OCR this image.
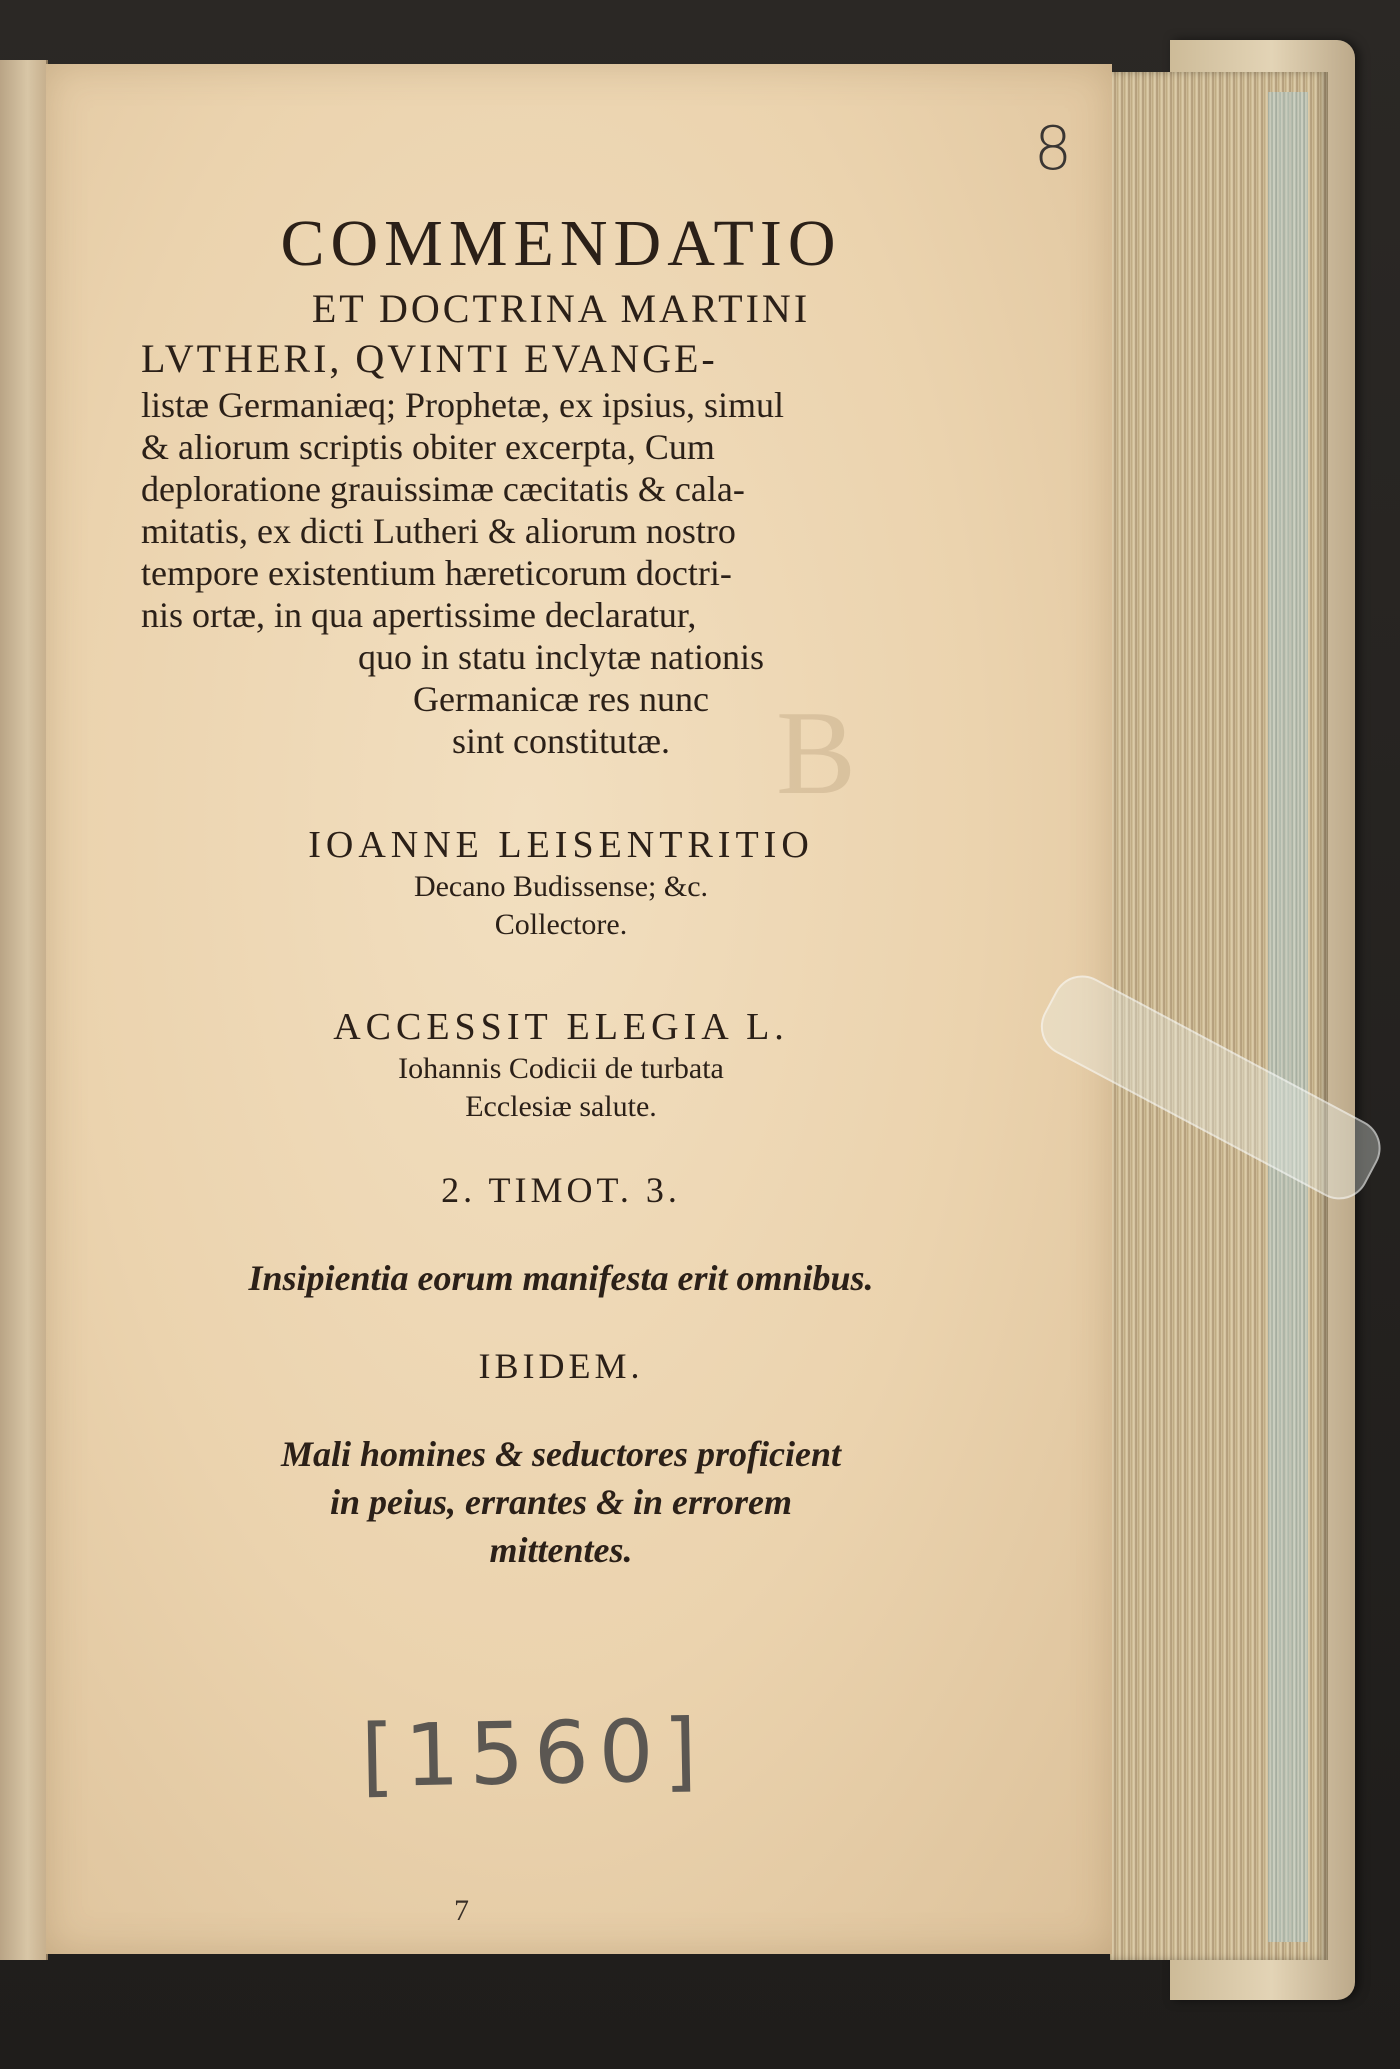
8
B
COMMENDATIO

ET DOCTRINA MARTINI

LVTHERI, QVINTI EVANGE-

listæ Germaniæq; Prophetæ, ex ipsius, simul

& aliorum scriptis obiter excerpta, Cum

deploratione grauissimæ cæcitatis & cala-

mitatis, ex dicti Lutheri & aliorum nostro

tempore existentium hæreticorum doctri-

nis ortæ, in qua apertissime declaratur,

quo in statu inclytæ nationis

Germanicæ res nunc

sint constitutæ.

IOANNE LEISENTRITIO

Decano Budissense; &c.

Collectore.

ACCESSIT ELEGIA L.

Iohannis Codicii de turbata

Ecclesiæ salute.

2. TIMOT. 3.

Insipientia eorum manifesta erit omnibus.

IBIDEM.

Mali homines & seductores proficient

in peius, errantes & in errorem

mittentes.

[1560]
7
